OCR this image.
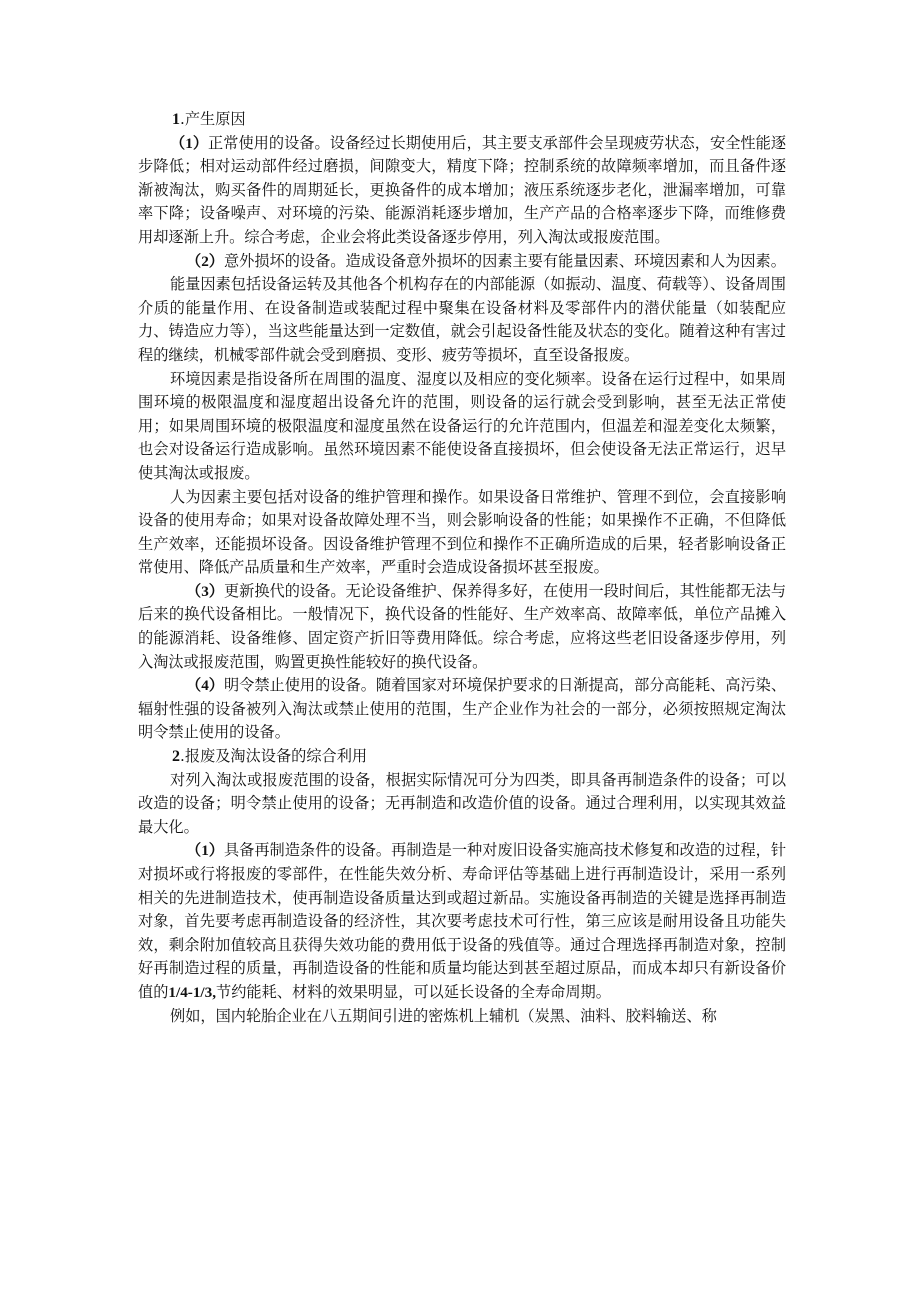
1.产生原因

（1）正常使用的设备。设备经过长期使用后，其主要支承部件会呈现疲劳状态，安全性能逐步降低；相对运动部件经过磨损，间隙变大，精度下降；控制系统的故障频率增加，而且备件逐渐被淘汰，购买备件的周期延长，更换备件的成本增加；液压系统逐步老化，泄漏率增加，可靠率下降；设备噪声、对环境的污染、能源消耗逐步增加，生产产品的合格率逐步下降，而维修费用却逐渐上升。综合考虑，企业会将此类设备逐步停用，列入淘汰或报废范围。

（2）意外损坏的设备。造成设备意外损坏的因素主要有能量因素、环境因素和人为因素。

能量因素包括设备运转及其他各个机构存在的内部能源（如振动、温度、荷载等）、设备周围介质的能量作用、在设备制造或装配过程中聚集在设备材料及零部件内的潜伏能量（如装配应力、铸造应力等），当这些能量达到一定数值，就会引起设备性能及状态的变化。随着这种有害过程的继续，机械零部件就会受到磨损、变形、疲劳等损坏，直至设备报废。

环境因素是指设备所在周围的温度、湿度以及相应的变化频率。设备在运行过程中，如果周围环境的极限温度和湿度超出设备允许的范围，则设备的运行就会受到影响，甚至无法正常使用；如果周围环境的极限温度和湿度虽然在设备运行的允许范围内，但温差和湿差变化太频繁，也会对设备运行造成影响。虽然环境因素不能使设备直接损坏，但会使设备无法正常运行，迟早使其淘汰或报废。

人为因素主要包括对设备的维护管理和操作。如果设备日常维护、管理不到位，会直接影响设备的使用寿命；如果对设备故障处理不当，则会影响设备的性能；如果操作不正确，不但降低生产效率，还能损坏设备。因设备维护管理不到位和操作不正确所造成的后果，轻者影响设备正常使用、降低产品质量和生产效率，严重时会造成设备损坏甚至报废。

（3）更新换代的设备。无论设备维护、保养得多好，在使用一段时间后，其性能都无法与后来的换代设备相比。一般情况下，换代设备的性能好、生产效率高、故障率低，单位产品摊入的能源消耗、设备维修、固定资产折旧等费用降低。综合考虑，应将这些老旧设备逐步停用，列入淘汰或报废范围，购置更换性能较好的换代设备。

（4）明令禁止使用的设备。随着国家对环境保护要求的日渐提高，部分高能耗、高污染、辐射性强的设备被列入淘汰或禁止使用的范围，生产企业作为社会的一部分，必须按照规定淘汰明令禁止使用的设备。

2.报废及淘汰设备的综合利用

对列入淘汰或报废范围的设备，根据实际情况可分为四类，即具备再制造条件的设备；可以改造的设备；明令禁止使用的设备；无再制造和改造价值的设备。通过合理利用，以实现其效益最大化。

（1）具备再制造条件的设备。再制造是一种对废旧设备实施高技术修复和改造的过程，针对损坏或行将报废的零部件，在性能失效分析、寿命评估等基础上进行再制造设计，采用一系列相关的先进制造技术，使再制造设备质量达到或超过新品。实施设备再制造的关键是选择再制造对象，首先要考虑再制造设备的经济性，其次要考虑技术可行性，第三应该是耐用设备且功能失效，剩余附加值较高且获得失效功能的费用低于设备的残值等。通过合理选择再制造对象，控制好再制造过程的质量，再制造设备的性能和质量均能达到甚至超过原品，而成本却只有新设备价值的1/4-1/3,节约能耗、材料的效果明显，可以延长设备的全寿命周期。

例如，国内轮胎企业在八五期间引进的密炼机上辅机（炭黑、油料、胶料输送、称
